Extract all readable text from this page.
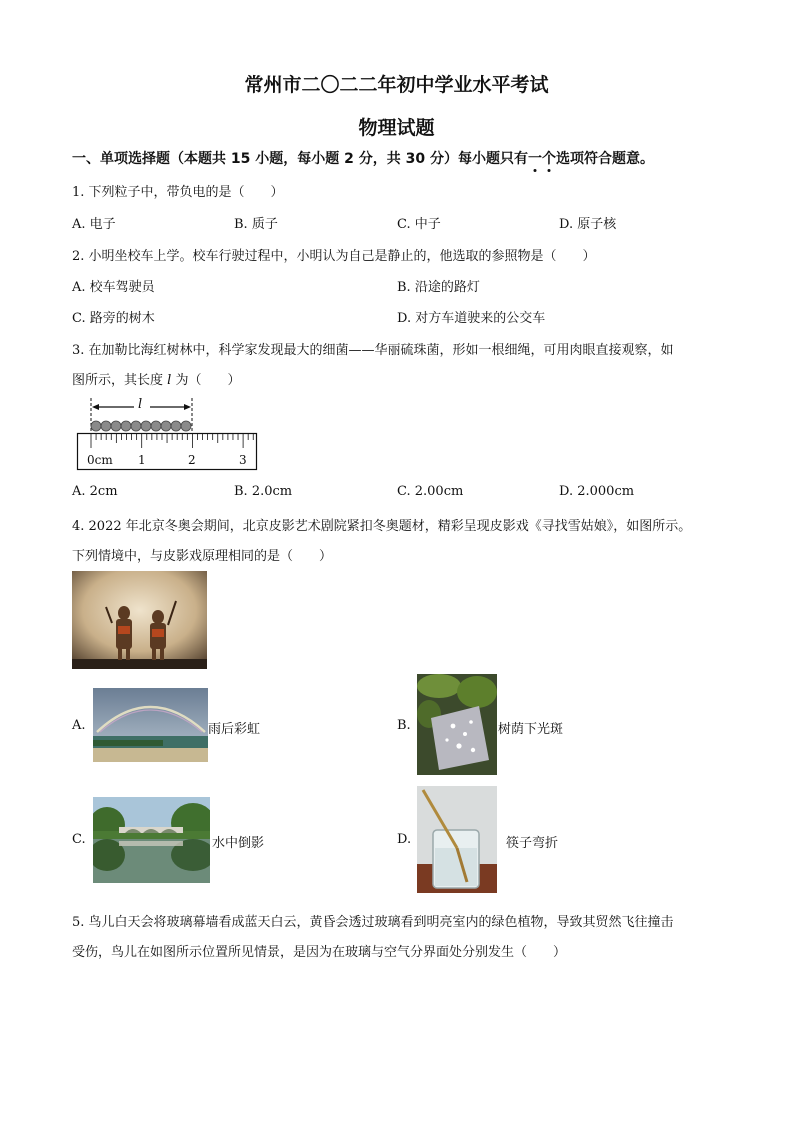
常州市二〇二二年初中学业水平考试
物理试题
一、单项选择题（本题共 15 小题，每小题 2 分，共 30 分）每小题只有一个选项符合题意。
1. 下列粒子中，带负电的是（　　）
A. 电子	B. 质子	C. 中子	D. 原子核
2. 小明坐校车上学。校车行驶过程中，小明认为自己是静止的，他选取的参照物是（　　）
A. 校车驾驶员	B. 沿途的路灯
C. 路旁的树木	D. 对方车道驶来的公交车
3. 在加勒比海红树林中，科学家发现最大的细菌——华丽硫珠菌，形如一根细绳，可用肉眼直接观察，如
图所示，其长度 l 为（　　）
l
0cm 1	2	3
A. 2cm	B. 2.0cm	C. 2.00cm	D. 2.000cm
4. 2022 年北京冬奥会期间，北京皮影艺术剧院紧扣冬奥题材，精彩呈现皮影戏《寻找雪姑娘》，如图所示。
下列情境中，与皮影戏原理相同的是（　　）
A.	雨后彩虹	B.	树荫下光斑
C.	水中倒影	D.	筷子弯折
5. 鸟儿白天会将玻璃幕墙看成蓝天白云，黄昏会透过玻璃看到明亮室内的绿色植物，导致其贸然飞往撞击
受伤，鸟儿在如图所示位置所见情景，是因为在玻璃与空气分界面处分别发生（　　）
